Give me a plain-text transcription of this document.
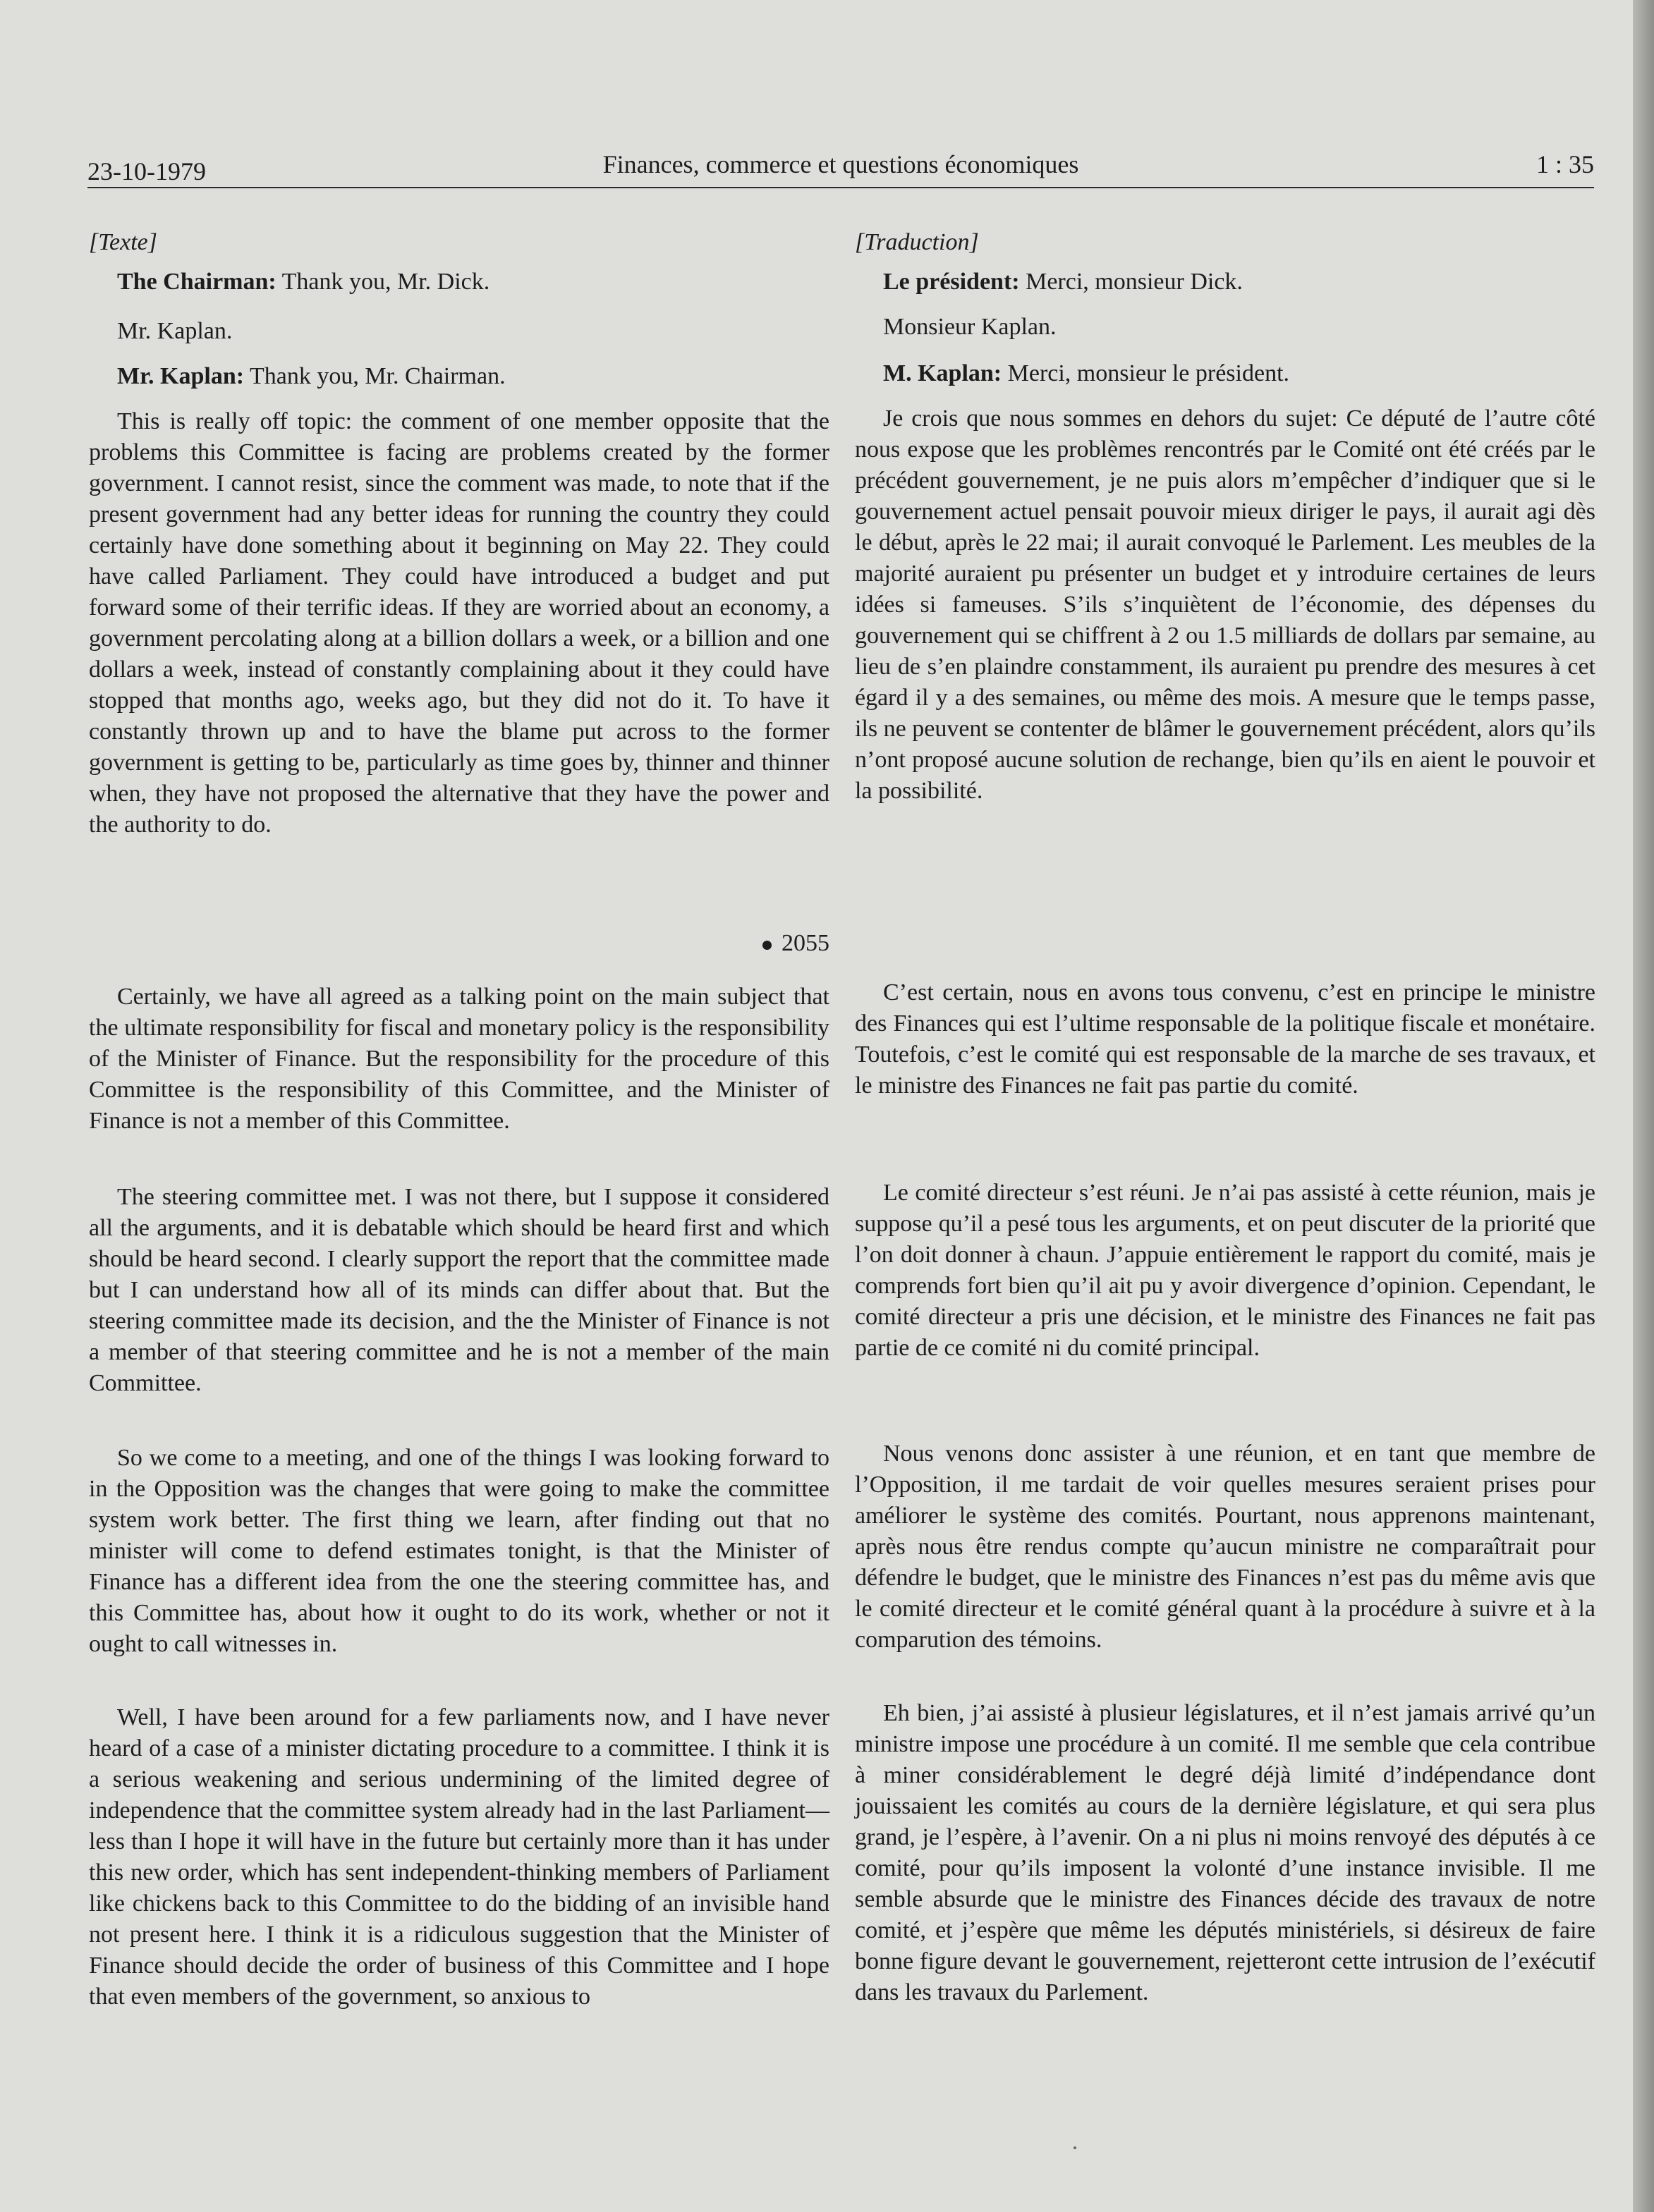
23-10-1979	Finances, commerce et questions économiques	1 : 35

[Texte]

The Chairman: Thank you, Mr. Dick.

Mr. Kaplan.

Mr. Kaplan: Thank you, Mr. Chairman.

This is really off topic: the comment of one member opposite that the problems this Committee is facing are problems created by the former government. I cannot resist, since the comment was made, to note that if the present government had any better ideas for running the country they could certainly have done something about it beginning on May 22. They could have called Parliament. They could have introduced a budget and put forward some of their terrific ideas. If they are worried about an economy, a government percolating along at a billion dollars a week, or a billion and one dollars a week, instead of constantly complaining about it they could have stopped that months ago, weeks ago, but they did not do it. To have it constantly thrown up and to have the blame put across to the former government is getting to be, particularly as time goes by, thinner and thinner when, they have not proposed the alternative that they have the power and the authority to do.

2055

Certainly, we have all agreed as a talking point on the main subject that the ultimate responsibility for fiscal and monetary policy is the responsibility of the Minister of Finance. But the responsibility for the procedure of this Committee is the responsibility of this Committee, and the Minister of Finance is not a member of this Committee.

The steering committee met. I was not there, but I suppose it considered all the arguments, and it is debatable which should be heard first and which should be heard second. I clearly support the report that the committee made but I can understand how all of its minds can differ about that. But the steering committee made its decision, and the the Minister of Finance is not a member of that steering committee and he is not a member of the main Committee.

So we come to a meeting, and one of the things I was looking forward to in the Opposition was the changes that were going to make the committee system work better. The first thing we learn, after finding out that no minister will come to defend estimates tonight, is that the Minister of Finance has a different idea from the one the steering committee has, and this Committee has, about how it ought to do its work, whether or not it ought to call witnesses in.

Well, I have been around for a few parliaments now, and I have never heard of a case of a minister dictating procedure to a committee. I think it is a serious weakening and serious undermining of the limited degree of independence that the committee system already had in the last Parliament—less than I hope it will have in the future but certainly more than it has under this new order, which has sent independent-thinking members of Parliament like chickens back to this Committee to do the bidding of an invisible hand not present here. I think it is a ridiculous suggestion that the Minister of Finance should decide the order of business of this Committee and I hope that even members of the government, so anxious to

[Traduction]

Le président: Merci, monsieur Dick.

Monsieur Kaplan.

M. Kaplan: Merci, monsieur le président.

Je crois que nous sommes en dehors du sujet: Ce député de l’autre côté nous expose que les problèmes rencontrés par le Comité ont été créés par le précédent gouvernement, je ne puis alors m’empêcher d’indiquer que si le gouvernement actuel pensait pouvoir mieux diriger le pays, il aurait agi dès le début, après le 22 mai; il aurait convoqué le Parlement. Les meubles de la majorité auraient pu présenter un budget et y introduire certaines de leurs idées si fameuses. S’ils s’inquiètent de l’économie, des dépenses du gouvernement qui se chiffrent à 2 ou 1.5 milliards de dollars par semaine, au lieu de s’en plaindre constamment, ils auraient pu prendre des mesures à cet égard il y a des semaines, ou même des mois. A mesure que le temps passe, ils ne peuvent se contenter de blâmer le gouvernement précédent, alors qu’ils n’ont proposé aucune solution de rechange, bien qu’ils en aient le pouvoir et la possibilité.

C’est certain, nous en avons tous convenu, c’est en principe le ministre des Finances qui est l’ultime responsable de la politique fiscale et monétaire. Toutefois, c’est le comité qui est responsable de la marche de ses travaux, et le ministre des Finances ne fait pas partie du comité.

Le comité directeur s’est réuni. Je n’ai pas assisté à cette réunion, mais je suppose qu’il a pesé tous les arguments, et on peut discuter de la priorité que l’on doit donner à chaun. J’appuie entièrement le rapport du comité, mais je comprends fort bien qu’il ait pu y avoir divergence d’opinion. Cependant, le comité directeur a pris une décision, et le ministre des Finances ne fait pas partie de ce comité ni du comité principal.

Nous venons donc assister à une réunion, et en tant que membre de l’Opposition, il me tardait de voir quelles mesures seraient prises pour améliorer le système des comités. Pourtant, nous apprenons maintenant, après nous être rendus compte qu’aucun ministre ne comparaîtrait pour défendre le budget, que le ministre des Finances n’est pas du même avis que le comité directeur et le comité général quant à la procédure à suivre et à la comparution des témoins.

Eh bien, j’ai assisté à plusieur législatures, et il n’est jamais arrivé qu’un ministre impose une procédure à un comité. Il me semble que cela contribue à miner considérablement le degré déjà limité d’indépendance dont jouissaient les comités au cours de la dernière législature, et qui sera plus grand, je l’espère, à l’avenir. On a ni plus ni moins renvoyé des députés à ce comité, pour qu’ils imposent la volonté d’une instance invisible. Il me semble absurde que le ministre des Finances décide des travaux de notre comité, et j’espère que même les députés ministériels, si désireux de faire bonne figure devant le gouvernement, rejetteront cette intrusion de l’exécutif dans les travaux du Parlement.
